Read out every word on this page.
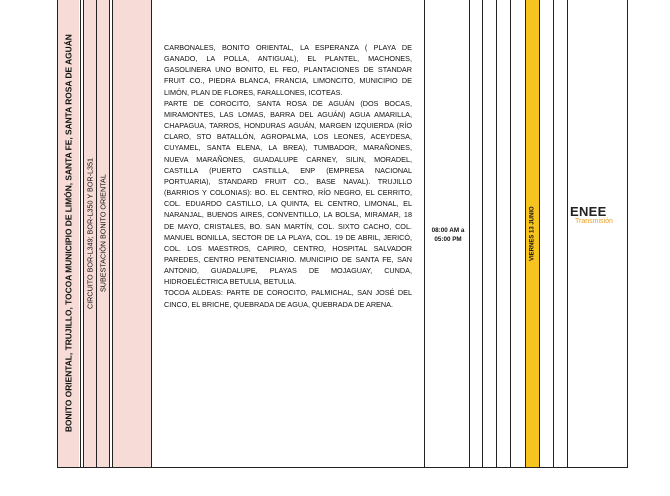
BONITO ORIENTAL, TRUJILLO, TOCOA MUNICIPIO DE LIMÓN, SANTA FE, SANTA ROSA DE AGUÁN CIRCUITO BOR-L349; BOR-L350 Y BOR-L351 SUBESTACIÓN BONITO ORIENTAL

CARBONALES, BONITO ORIENTAL, LA ESPERANZA ( PLAYA DE GANADO, LA POLLA, ANTIGUAL), EL PLANTEL, MACHONES, GASOLINERA UNO BONITO, EL FEO, PLANTACIONES DE STANDAR FRUIT CO., PIEDRA BLANCA, FRANCIA, LIMONCITO, MUNICIPIO DE LIMÓN, PLAN DE FLORES, FARALLONES, ICOTEAS.

PARTE DE COROCITO, SANTA ROSA DE AGUÁN (DOS BOCAS, MIRAMONTES, LAS LOMAS, BARRA DEL AGUÁN) AGUA AMARILLA, CHAPAGUA, TARROS, HONDURAS AGUÁN, MARGEN IZQUIERDA (RÍO CLARO, STO BATALLÓN, AGROPALMA, LOS LEONES, ACEYDESA, CUYAMEL, SANTA ELENA, LA BREA), TUMBADOR, MARAÑONES, NUEVA MARAÑONES, GUADALUPE CARNEY, SILIN, MORADEL, CASTILLA (PUERTO CASTILLA, ENP (EMPRESA NACIONAL PORTUARIA), STANDARD FRUIT CO., BASE NAVAL). TRUJILLO (BARRIOS Y COLONIAS): BO. EL CENTRO, RÍO NEGRO, EL CERRITO, COL. EDUARDO CASTILLO, LA QUINTA, EL CENTRO, LIMONAL, EL NARANJAL, BUENOS AIRES, CONVENTILLO, LA BOLSA, MIRAMAR, 18 DE MAYO, CRISTALES, BO. SAN MARTÍN, COL. SIXTO CACHO, COL. MANUEL BONILLA, SECTOR DE LA PLAYA, COL. 19 DE ABRIL, JERICÓ, COL. LOS MAESTROS, CAPIRO, CENTRO, HOSPITAL SALVADOR PAREDES, CENTRO PENITENCIARIO. MUNICIPIO DE SANTA FE, SAN ANTONIO, GUADALUPE, PLAYAS DE MOJAGUAY, CUNDA, HIDROELÉCTRICA BETULIA, BETULIA.

TOCOA ALDEAS: PARTE DE COROCITO, PALMICHAL, SAN JOSÉ DEL CINCO, EL BRICHE, QUEBRADA DE AGUA, QUEBRADA DE ARENA.

08:00 AM a
05:00 PM	VIERNES 13 JUNIO	ENEE
Transmisión
